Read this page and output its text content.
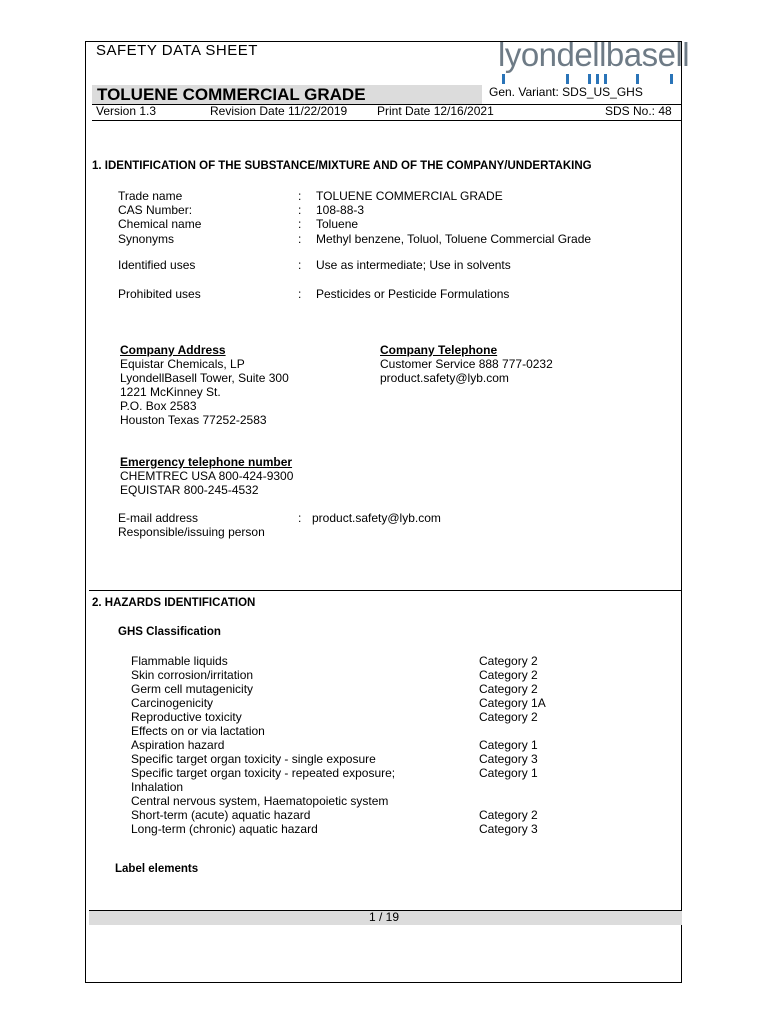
SAFETY DATA SHEET	lyondellbasell
TOLUENE COMMERCIAL GRADE	Gen. Variant: SDS_US_GHS
Version 1.3	Revision Date 11/22/2019 Print Date 12/16/2021	SDS No.: 48
1. IDENTIFICATION OF THE SUBSTANCE/MIXTURE AND OF THE COMPANY/UNDERTAKING
Trade name	: TOLUENE COMMERCIAL GRADE
CAS Number:	: 108-88-3
Chemical name	: Toluene
Synonyms	: Methyl benzene, Toluol, Toluene Commercial Grade
Identified uses	: Use as intermediate; Use in solvents
Prohibited uses	: Pesticides or Pesticide Formulations
Company Address
Equistar Chemicals, LP
LyondellBasell Tower, Suite 300
1221 McKinney St.
P.O. Box 2583
Houston Texas 77252-2583
Company Telephone
Customer Service 888 777-0232
product.safety@lyb.com
Emergency telephone number
CHEMTREC USA 800-424-9300
EQUISTAR 800-245-4532
E-mail address	: product.safety@lyb.com
Responsible/issuing person
2. HAZARDS IDENTIFICATION
GHS Classification
Flammable liquids	Category 2
Skin corrosion/irritation	Category 2
Germ cell mutagenicity	Category 2
Carcinogenicity	Category 1A
Reproductive toxicity	Category 2
Effects on or via lactation
Aspiration hazard	Category 1
Specific target organ toxicity - single exposure	Category 3
Specific target organ toxicity - repeated exposure;	Category 1
Inhalation
Central nervous system, Haematopoietic system
Short-term (acute) aquatic hazard	Category 2
Long-term (chronic) aquatic hazard	Category 3
Label elements
1 / 19
